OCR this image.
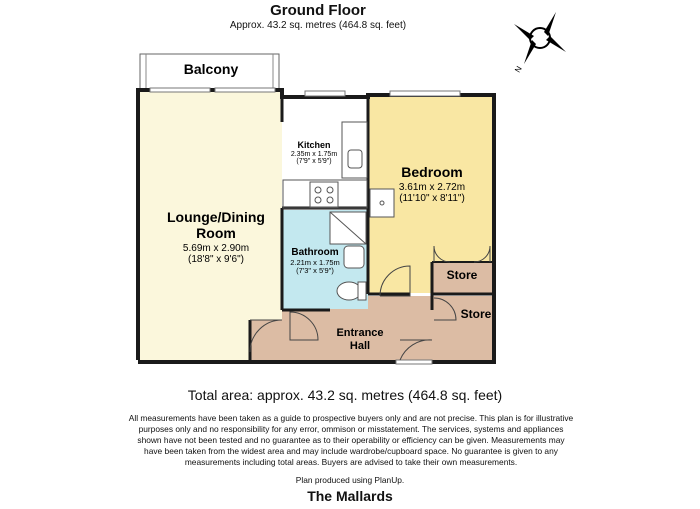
Ground Floor
Approx. 43.2 sq. metres (464.8 sq. feet)
N
Balcony
Lounge/Dining
Room
5.69m x 2.90m
(18'8" x 9'6")
Kitchen
2.35m x 1.75m
(7'9" x 5'9")
Bedroom
3.61m x 2.72m
(11'10" x 8'11")
Bathroom
2.21m x 1.75m
(7'3" x 5'9")	Store
Store
Entrance
Hall
Total area: approx. 43.2 sq. metres (464.8 sq. feet)
All measurements have been taken as a guide to prospective buyers only and are not precise. This plan is for illustrative purposes only and no responsibility for any error, ommison or misstatement. The services, systems and appliances shown have not been tested and no guarantee as to their operability or efficiency can be given. Measurements may have been taken from the widest area and may include wardrobe/cupboard space. No guarantee is given to any measurements including total areas. Buyers are advised to take their own measurements.
Plan produced using PlanUp.
The Mallards
